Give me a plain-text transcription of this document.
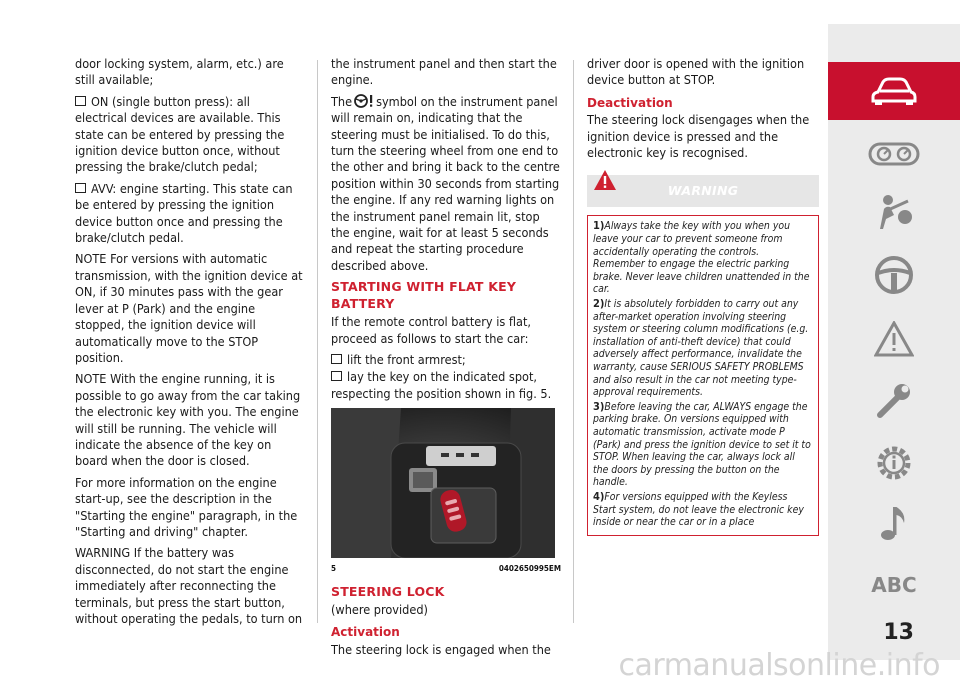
door locking system, alarm, etc.) are still available;

ON (single button press): all electrical devices are available. This state can be entered by pressing the ignition device button once, without pressing the brake/clutch pedal;

AVV: engine starting. This state can be entered by pressing the ignition device button once and pressing the brake/clutch pedal.

NOTE For versions with automatic transmission, with the ignition device at ON, if 30 minutes pass with the gear lever at P (Park) and the engine stopped, the ignition device will automatically move to the STOP position.

NOTE With the engine running, it is possible to go away from the car taking the electronic key with you. The engine will still be running. The vehicle will indicate the absence of the key on board when the door is closed.

For more information on the engine start-up, see the description in the "Starting the engine" paragraph, in the "Starting and driving" chapter.

WARNING If the battery was disconnected, do not start the engine immediately after reconnecting the terminals, but press the start button, without operating the pedals, to turn on

the instrument panel and then start the engine.

The symbol on the instrument panel will remain on, indicating that the steering must be initialised. To do this, turn the steering wheel from one end to the other and bring it back to the centre position within 30 seconds from starting the engine. If any red warning lights on the instrument panel remain lit, stop the engine, wait for at least 5 seconds and repeat the starting procedure described above.

STARTING WITH FLAT KEY BATTERY

If the remote control battery is flat, proceed as follows to start the car:

lift the front armrest;

lay the key on the indicated spot, respecting the position shown in fig. 5.

5	0402650995EM
STEERING LOCK

(where provided)

Activation

The steering lock is engaged when the

driver door is opened with the ignition device button at STOP.

Deactivation

The steering lock disengages when the ignition device is pressed and the electronic key is recognised.

WARNING

1)Always take the key with you when you leave your car to prevent someone from accidentally operating the controls. Remember to engage the electric parking brake. Never leave children unattended in the car.

2)It is absolutely forbidden to carry out any after-market operation involving steering system or steering column modifications (e.g. installation of anti-theft device) that could adversely affect performance, invalidate the warranty, cause SERIOUS SAFETY PROBLEMS and also result in the car not meeting type-approval requirements.

3)Before leaving the car, ALWAYS engage the parking brake. On versions equipped with automatic transmission, activate mode P (Park) and press the ignition device to set it to STOP. When leaving the car, always lock all the doors by pressing the button on the handle.

4)For versions equipped with the Keyless Start system, do not leave the electronic key inside or near the car or in a place

ABC
13
carmanualsonline.info
